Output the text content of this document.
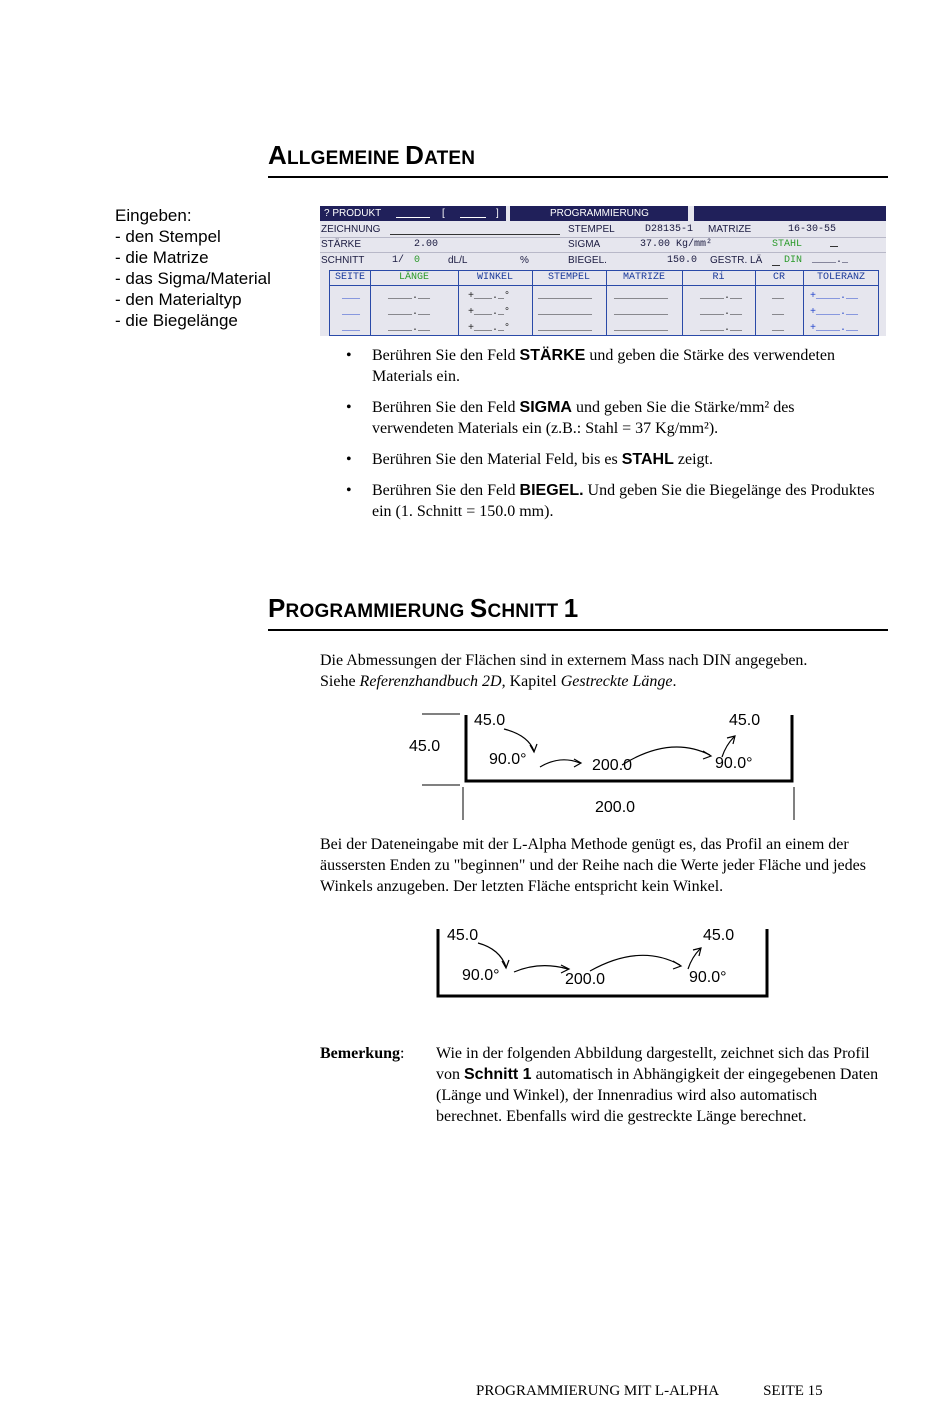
ALLGEMEINE DATEN
Eingeben:
- den Stempel
- die Matrize
- das Sigma/Material
- den Materialtyp
- die Biegelänge
? PRODUKT	[	]	PROGRAMMIERUNG
ZEICHNUNG	STEMPEL	D28135-1 MATRIZE	16-30-55
STÄRKE	2.00	SIGMA	37.00 Kg/mm²	STAHL
SCHNITT	1/ 0	dL/L	%	BIEGEL.	150.0 GESTR. LÄ DIN ____._
SEITE	LÄNGE	WINKEL	STEMPEL	MATRIZE	Ri	CR	TOLERANZ
___	____.__	+___._°	_________ _________	____.__	__	+____.__
___	____.__	+___._°	_________ _________	____.__	__	+____.__
___	____.__	+___._°	_________ _________	____.__	__	+____.__
• Berühren Sie den Feld STÄRKE und geben die Stärke des verwendeten Materials ein.
• Berühren Sie den Feld SIGMA und geben Sie die Stärke/mm² des verwendeten Materials ein (z.B.: Stahl = 37 Kg/mm²).
• Berühren Sie den Material Feld, bis es STAHL zeigt.
• Berühren Sie den Feld BIEGEL. Und geben Sie die Biegelänge des Produktes ein (1. Schnitt = 150.0 mm).
PROGRAMMIERUNG SCHNITT 1
Die Abmessungen der Flächen sind in externem Mass nach DIN angegeben.
Siehe Referenzhandbuch 2D, Kapitel Gestreckte Länge.
45.0	45.0
45.0
90.0°	200.0	90.0°
200.0
Bei der Dateneingabe mit der L-Alpha Methode genügt es, das Profil an einem der äussersten Enden zu "beginnen" und der Reihe nach die Werte jeder Fläche und jedes Winkels anzugeben. Der letzten Fläche entspricht kein Winkel.
45.0	45.0
90.0°	200.0	90.0°
Bemerkung: Wie in der folgenden Abbildung dargestellt, zeichnet sich das Profil von Schnitt 1 automatisch in Abhängigkeit der eingegebenen Daten (Länge und Winkel), der Innenradius wird also automatisch berechnet. Ebenfalls wird die gestreckte Länge berechnet.
PROGRAMMIERUNG MIT L-ALPHA	SEITE 15
